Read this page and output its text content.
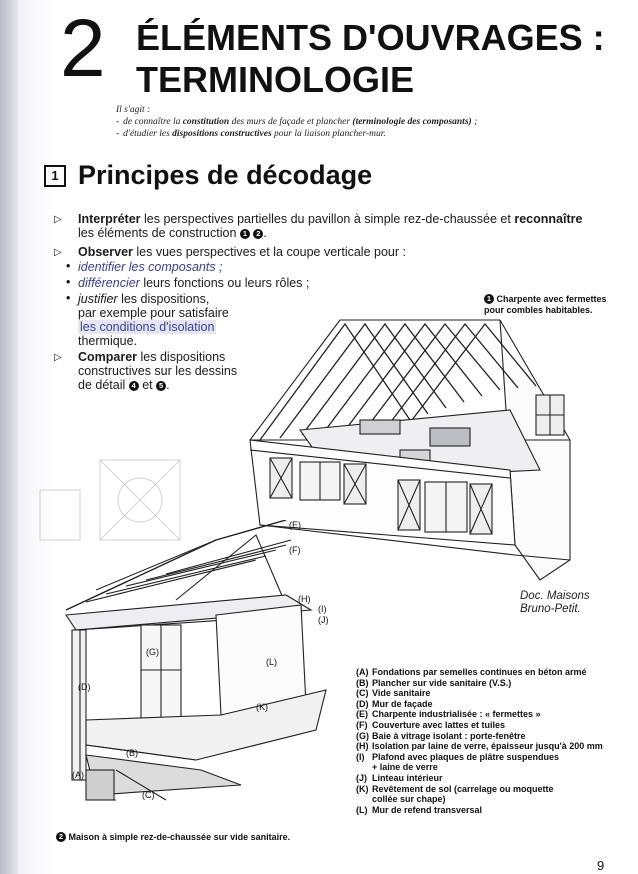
2 ÉLÉMENTS D'OUVRAGES :
TERMINOLOGIE
Il s'agit :
- de connaître la constitution des murs de façade et plancher (terminologie des composants) ;
- d'étudier les dispositions constructives pour la liaison plancher-mur.
1 Principes de décodage
▷ Interpréter les perspectives partielles du pavillon à simple rez-de-chaussée et reconnaître
les éléments de construction 1 2 .
▷ Observer les vues perspectives et la coupe verticale pour :
• identifier les composants ;
• différencier leurs fonctions ou leurs rôles ;
• justifier les dispositions,
par exemple pour satisfaire
les conditions d'isolation
thermique.
▷ Comparer les dispositions
constructives sur les dessins
de détail 4 et 5 .
1 Charpente avec fermettes
pour combles habitables.
Doc. Maisons
Bruno-Petit.
(E)
(F)
(H)
(I)
(J)
(G)
(L)
(D)
(K)
(B)
(A)
(C)
(A) Fondations par semelles continues en béton armé
(B) Plancher sur vide sanitaire (V.S.)
(C) Vide sanitaire
(D) Mur de façade
(E) Charpente industrialisée : « fermettes »
(F) Couverture avec lattes et tuiles
(G) Baie à vitrage isolant : porte-fenêtre
(H) Isolation par laine de verre, épaisseur jusqu'à 200 mm
(I) Plafond avec plaques de plâtre suspendues
+ laine de verre
(J) Linteau intérieur
(K) Revêtement de sol (carrelage ou moquette
collée sur chape)
(L) Mur de refend transversal
2 Maison à simple rez-de-chaussée sur vide sanitaire.
9
